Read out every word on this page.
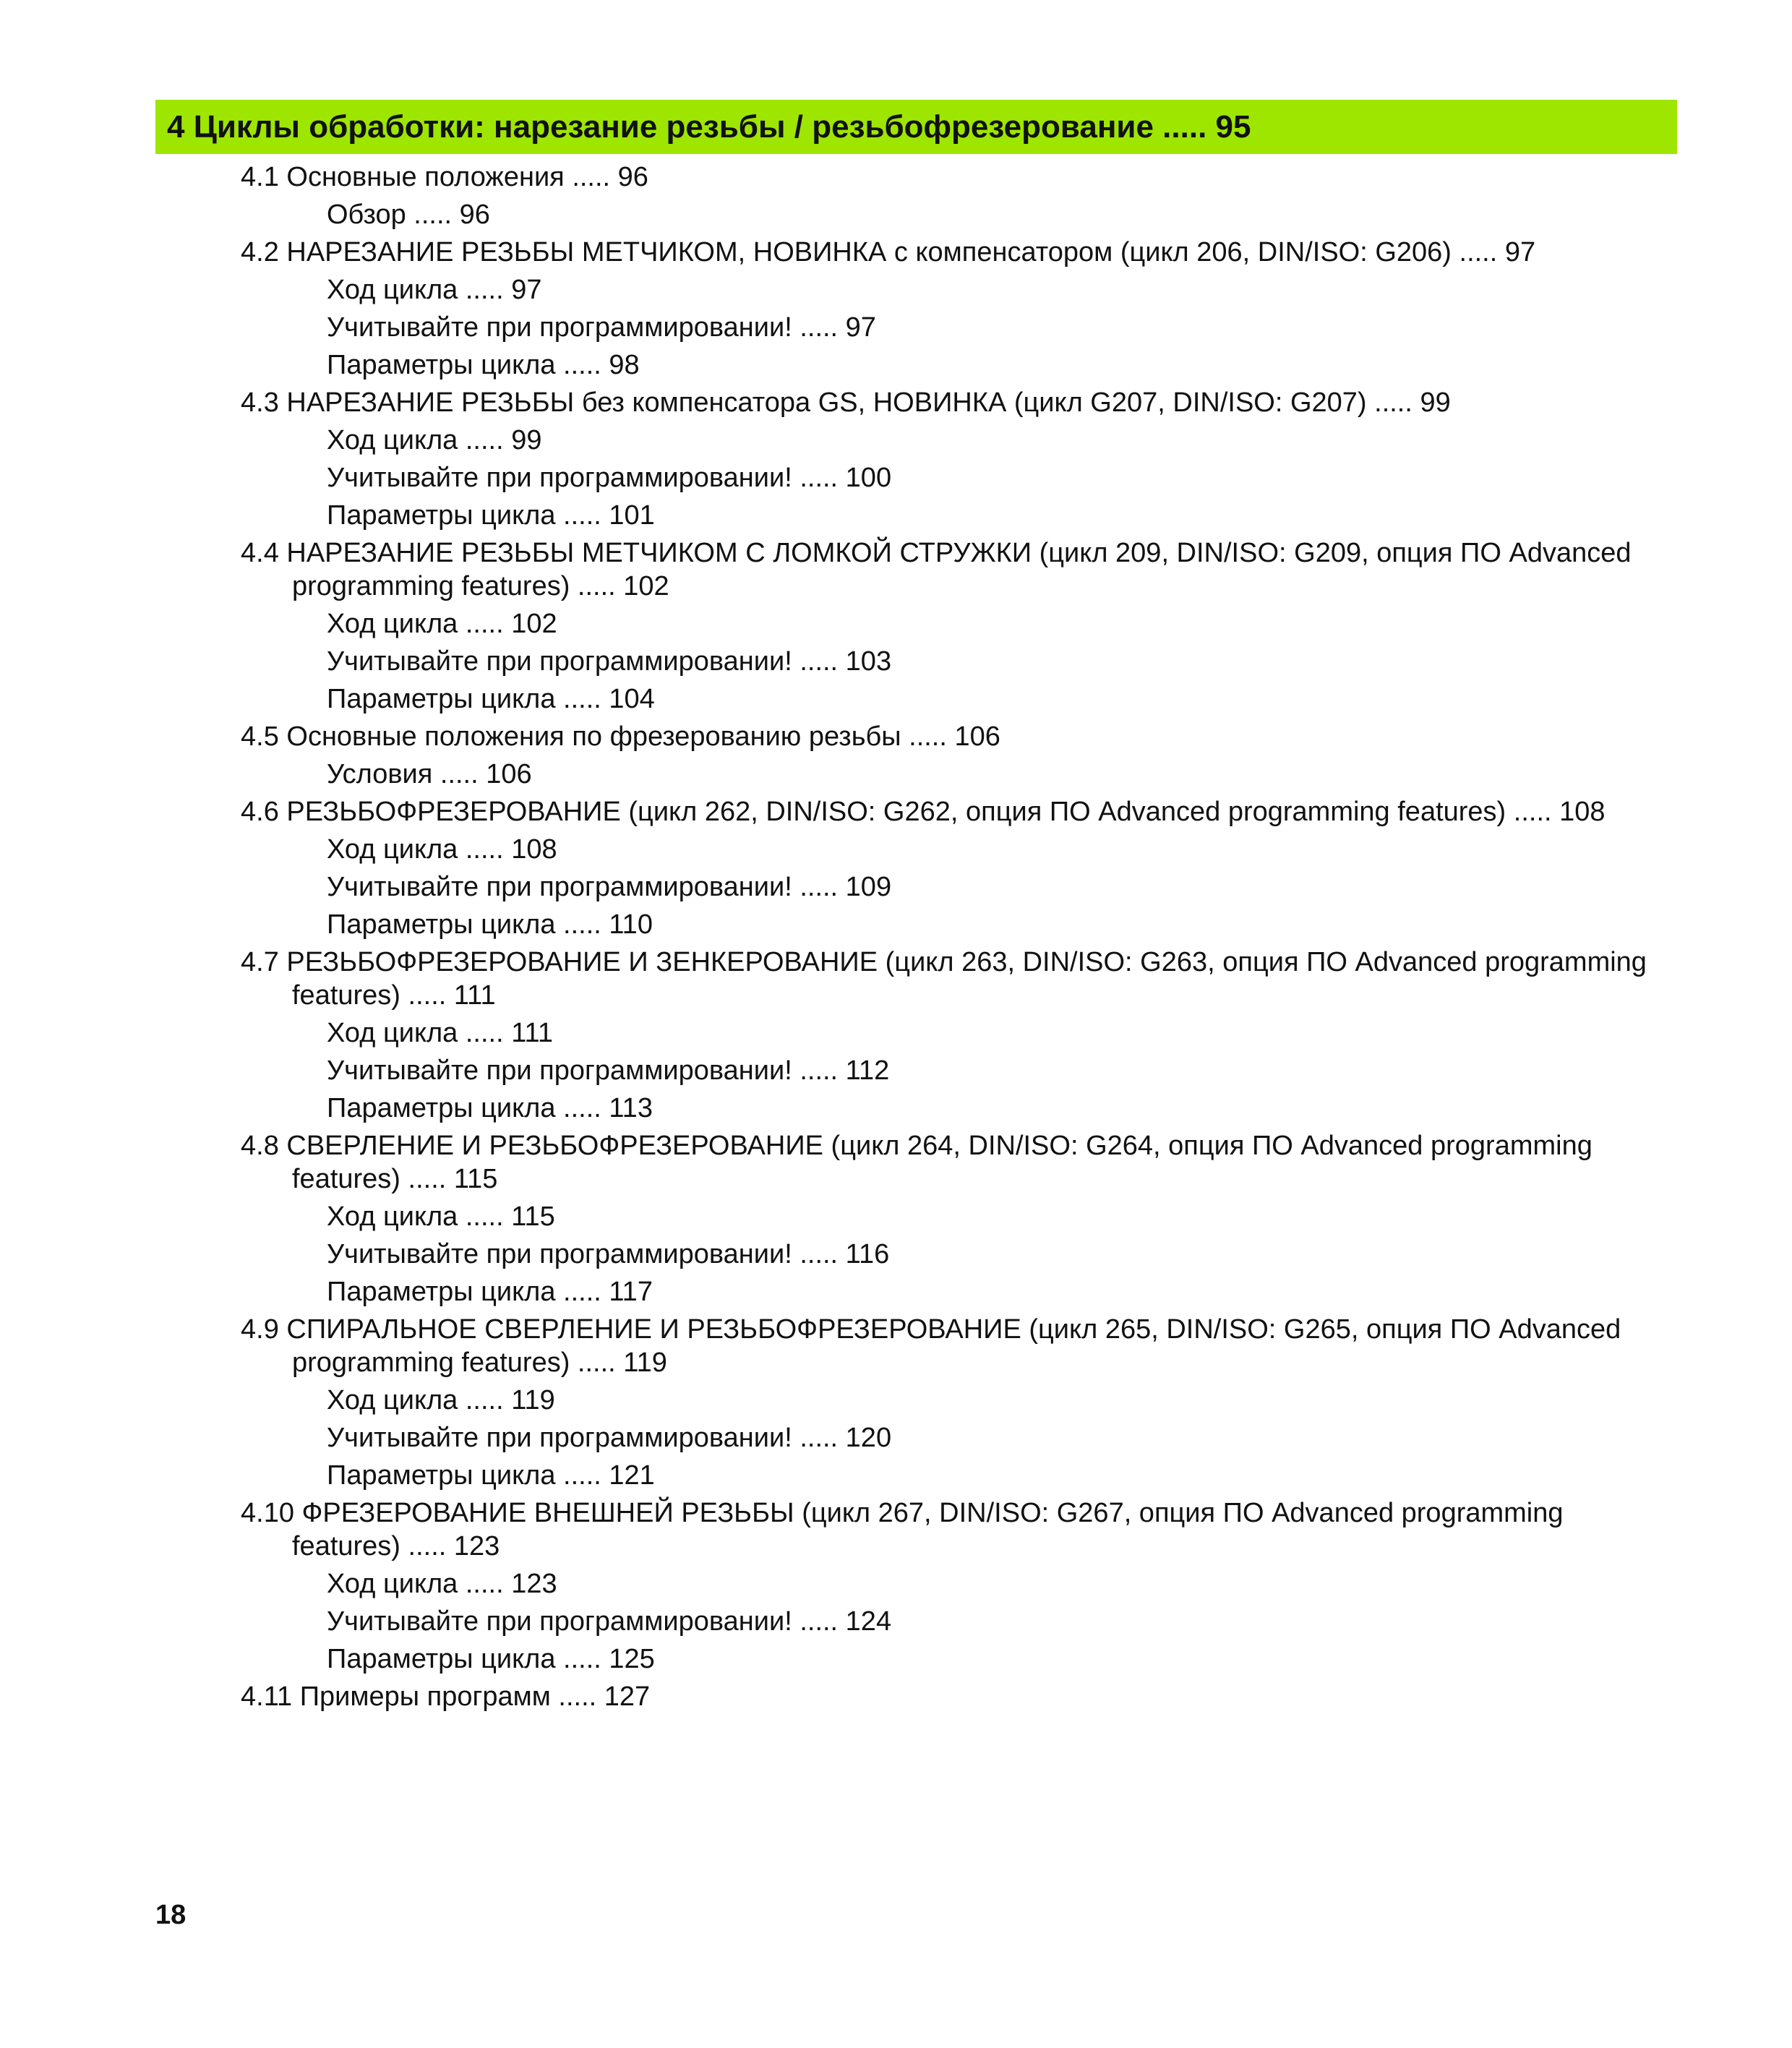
4 Циклы обработки: нарезание резьбы / резьбофрезерование ..... 95
4.1 Основные положения ..... 96
Обзор ..... 96
4.2 НАРЕЗАНИЕ РЕЗЬБЫ МЕТЧИКОМ, НОВИНКА с компенсатором (цикл 206, DIN/ISO: G206) ..... 97
Ход цикла ..... 97
Учитывайте при программировании! ..... 97
Параметры цикла ..... 98
4.3 НАРЕЗАНИЕ РЕЗЬБЫ без компенсатора GS, НОВИНКА (цикл G207, DIN/ISO: G207) ..... 99
Ход цикла ..... 99
Учитывайте при программировании! ..... 100
Параметры цикла ..... 101
4.4 НАРЕЗАНИЕ РЕЗЬБЫ МЕТЧИКОМ С ЛОМКОЙ СТРУЖКИ (цикл 209, DIN/ISO: G209, опция ПО Advanced
programming features) ..... 102
Ход цикла ..... 102
Учитывайте при программировании! ..... 103
Параметры цикла ..... 104
4.5 Основные положения по фрезерованию резьбы ..... 106
Условия ..... 106
4.6 РЕЗЬБОФРЕЗЕРОВАНИЕ (цикл 262, DIN/ISO: G262, опция ПО Advanced programming features) ..... 108
Ход цикла ..... 108
Учитывайте при программировании! ..... 109
Параметры цикла ..... 110
4.7 РЕЗЬБОФРЕЗЕРОВАНИЕ И ЗЕНКЕРОВАНИЕ (цикл 263, DIN/ISO: G263, опция ПО Advanced programming
features) ..... 111
Ход цикла ..... 111
Учитывайте при программировании! ..... 112
Параметры цикла ..... 113
4.8 СВЕРЛЕНИЕ И РЕЗЬБОФРЕЗЕРОВАНИЕ (цикл 264, DIN/ISO: G264, опция ПО Advanced programming
features) ..... 115
Ход цикла ..... 115
Учитывайте при программировании! ..... 116
Параметры цикла ..... 117
4.9 СПИРАЛЬНОЕ СВЕРЛЕНИЕ И РЕЗЬБОФРЕЗЕРОВАНИЕ (цикл 265, DIN/ISO: G265, опция ПО Advanced
programming features) ..... 119
Ход цикла ..... 119
Учитывайте при программировании! ..... 120
Параметры цикла ..... 121
4.10 ФРЕЗЕРОВАНИЕ ВНЕШНЕЙ РЕЗЬБЫ (цикл 267, DIN/ISO: G267, опция ПО Advanced programming
features) ..... 123
Ход цикла ..... 123
Учитывайте при программировании! ..... 124
Параметры цикла ..... 125
4.11 Примеры программ ..... 127
18
